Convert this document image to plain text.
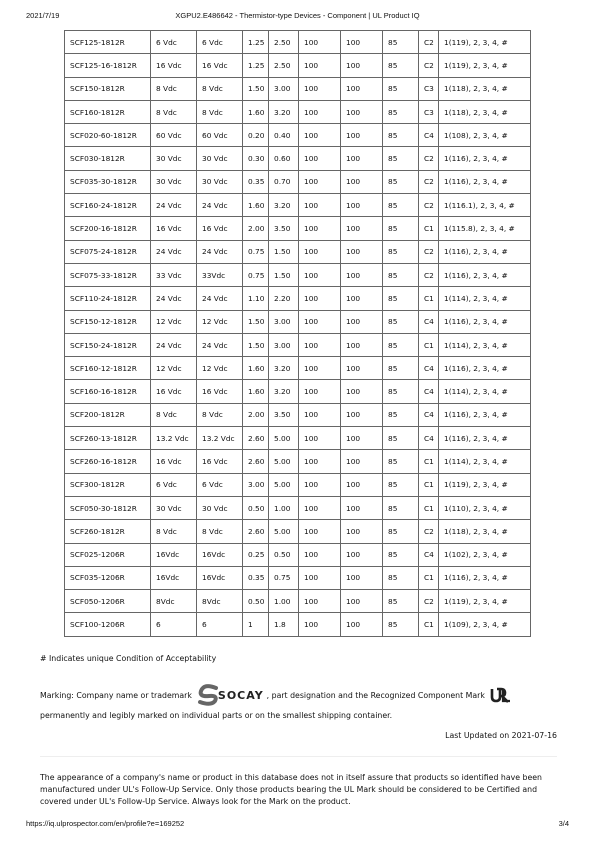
2021/7/19	XGPU2.E486642 - Thermistor-type Devices - Component | UL Product IQ
SCF125-1812R	6 Vdc	6 Vdc	1.25	2.50	100	100	85	C2	1(119), 2, 3, 4, #
SCF125-16-1812R	16 Vdc	16 Vdc	1.25	2.50	100	100	85	C2	1(119), 2, 3, 4, #
SCF150-1812R	8 Vdc	8 Vdc	1.50	3.00	100	100	85	C3	1(118), 2, 3, 4, #
SCF160-1812R	8 Vdc	8 Vdc	1.60	3.20	100	100	85	C3	1(118), 2, 3, 4, #
SCF020-60-1812R	60 Vdc	60 Vdc	0.20	0.40	100	100	85	C4	1(108), 2, 3, 4, #
SCF030-1812R	30 Vdc	30 Vdc	0.30	0.60	100	100	85	C2	1(116), 2, 3, 4, #
SCF035-30-1812R	30 Vdc	30 Vdc	0.35	0.70	100	100	85	C2	1(116), 2, 3, 4, #
SCF160-24-1812R	24 Vdc	24 Vdc	1.60	3.20	100	100	85	C2	1(116.1), 2, 3, 4, #
SCF200-16-1812R	16 Vdc	16 Vdc	2.00	3.50	100	100	85	C1	1(115.8), 2, 3, 4, #
SCF075-24-1812R	24 Vdc	24 Vdc	0.75	1.50	100	100	85	C2	1(116), 2, 3, 4, #
SCF075-33-1812R	33 Vdc	33Vdc	0.75	1.50	100	100	85	C2	1(116), 2, 3, 4, #
SCF110-24-1812R	24 Vdc	24 Vdc	1.10	2.20	100	100	85	C1	1(114), 2, 3, 4, #
SCF150-12-1812R	12 Vdc	12 Vdc	1.50	3.00	100	100	85	C4	1(116), 2, 3, 4, #
SCF150-24-1812R	24 Vdc	24 Vdc	1.50	3.00	100	100	85	C1	1(114), 2, 3, 4, #
SCF160-12-1812R	12 Vdc	12 Vdc	1.60	3.20	100	100	85	C4	1(116), 2, 3, 4, #
SCF160-16-1812R	16 Vdc	16 Vdc	1.60	3.20	100	100	85	C4	1(114), 2, 3, 4, #
SCF200-1812R	8 Vdc	8 Vdc	2.00	3.50	100	100	85	C4	1(116), 2, 3, 4, #
SCF260-13-1812R	13.2 Vdc	13.2 Vdc	2.60	5.00	100	100	85	C4	1(116), 2, 3, 4, #
SCF260-16-1812R	16 Vdc	16 Vdc	2.60	5.00	100	100	85	C1	1(114), 2, 3, 4, #
SCF300-1812R	6 Vdc	6 Vdc	3.00	5.00	100	100	85	C1	1(119), 2, 3, 4, #
SCF050-30-1812R	30 Vdc	30 Vdc	0.50	1.00	100	100	85	C1	1(110), 2, 3, 4, #
SCF260-1812R	8 Vdc	8 Vdc	2.60	5.00	100	100	85	C2	1(118), 2, 3, 4, #
SCF025-1206R	16Vdc	16Vdc	0.25	0.50	100	100	85	C4	1(102), 2, 3, 4, #
SCF035-1206R	16Vdc	16Vdc	0.35	0.75	100	100	85	C1	1(116), 2, 3, 4, #
SCF050-1206R	8Vdc	8Vdc	0.50	1.00	100	100	85	C2	1(119), 2, 3, 4, #
SCF100-1206R	6	6	1	1.8	100	100	85	C1	1(109), 2, 3, 4, #
# Indicates unique Condition of Acceptability
Marking: Company name or trademark SOCAY , part designation and the Recognized Component Mark
permanently and legibly marked on individual parts or on the smallest shipping container.
Last Updated on 2021-07-16
The appearance of a company's name or product in this database does not in itself assure that products so identified have been manufactured under UL's Follow-Up Service. Only those products bearing the UL Mark should be considered to be Certified and covered under UL's Follow-Up Service. Always look for the Mark on the product.
https://iq.ulprospector.com/en/profile?e=169252	3/4
